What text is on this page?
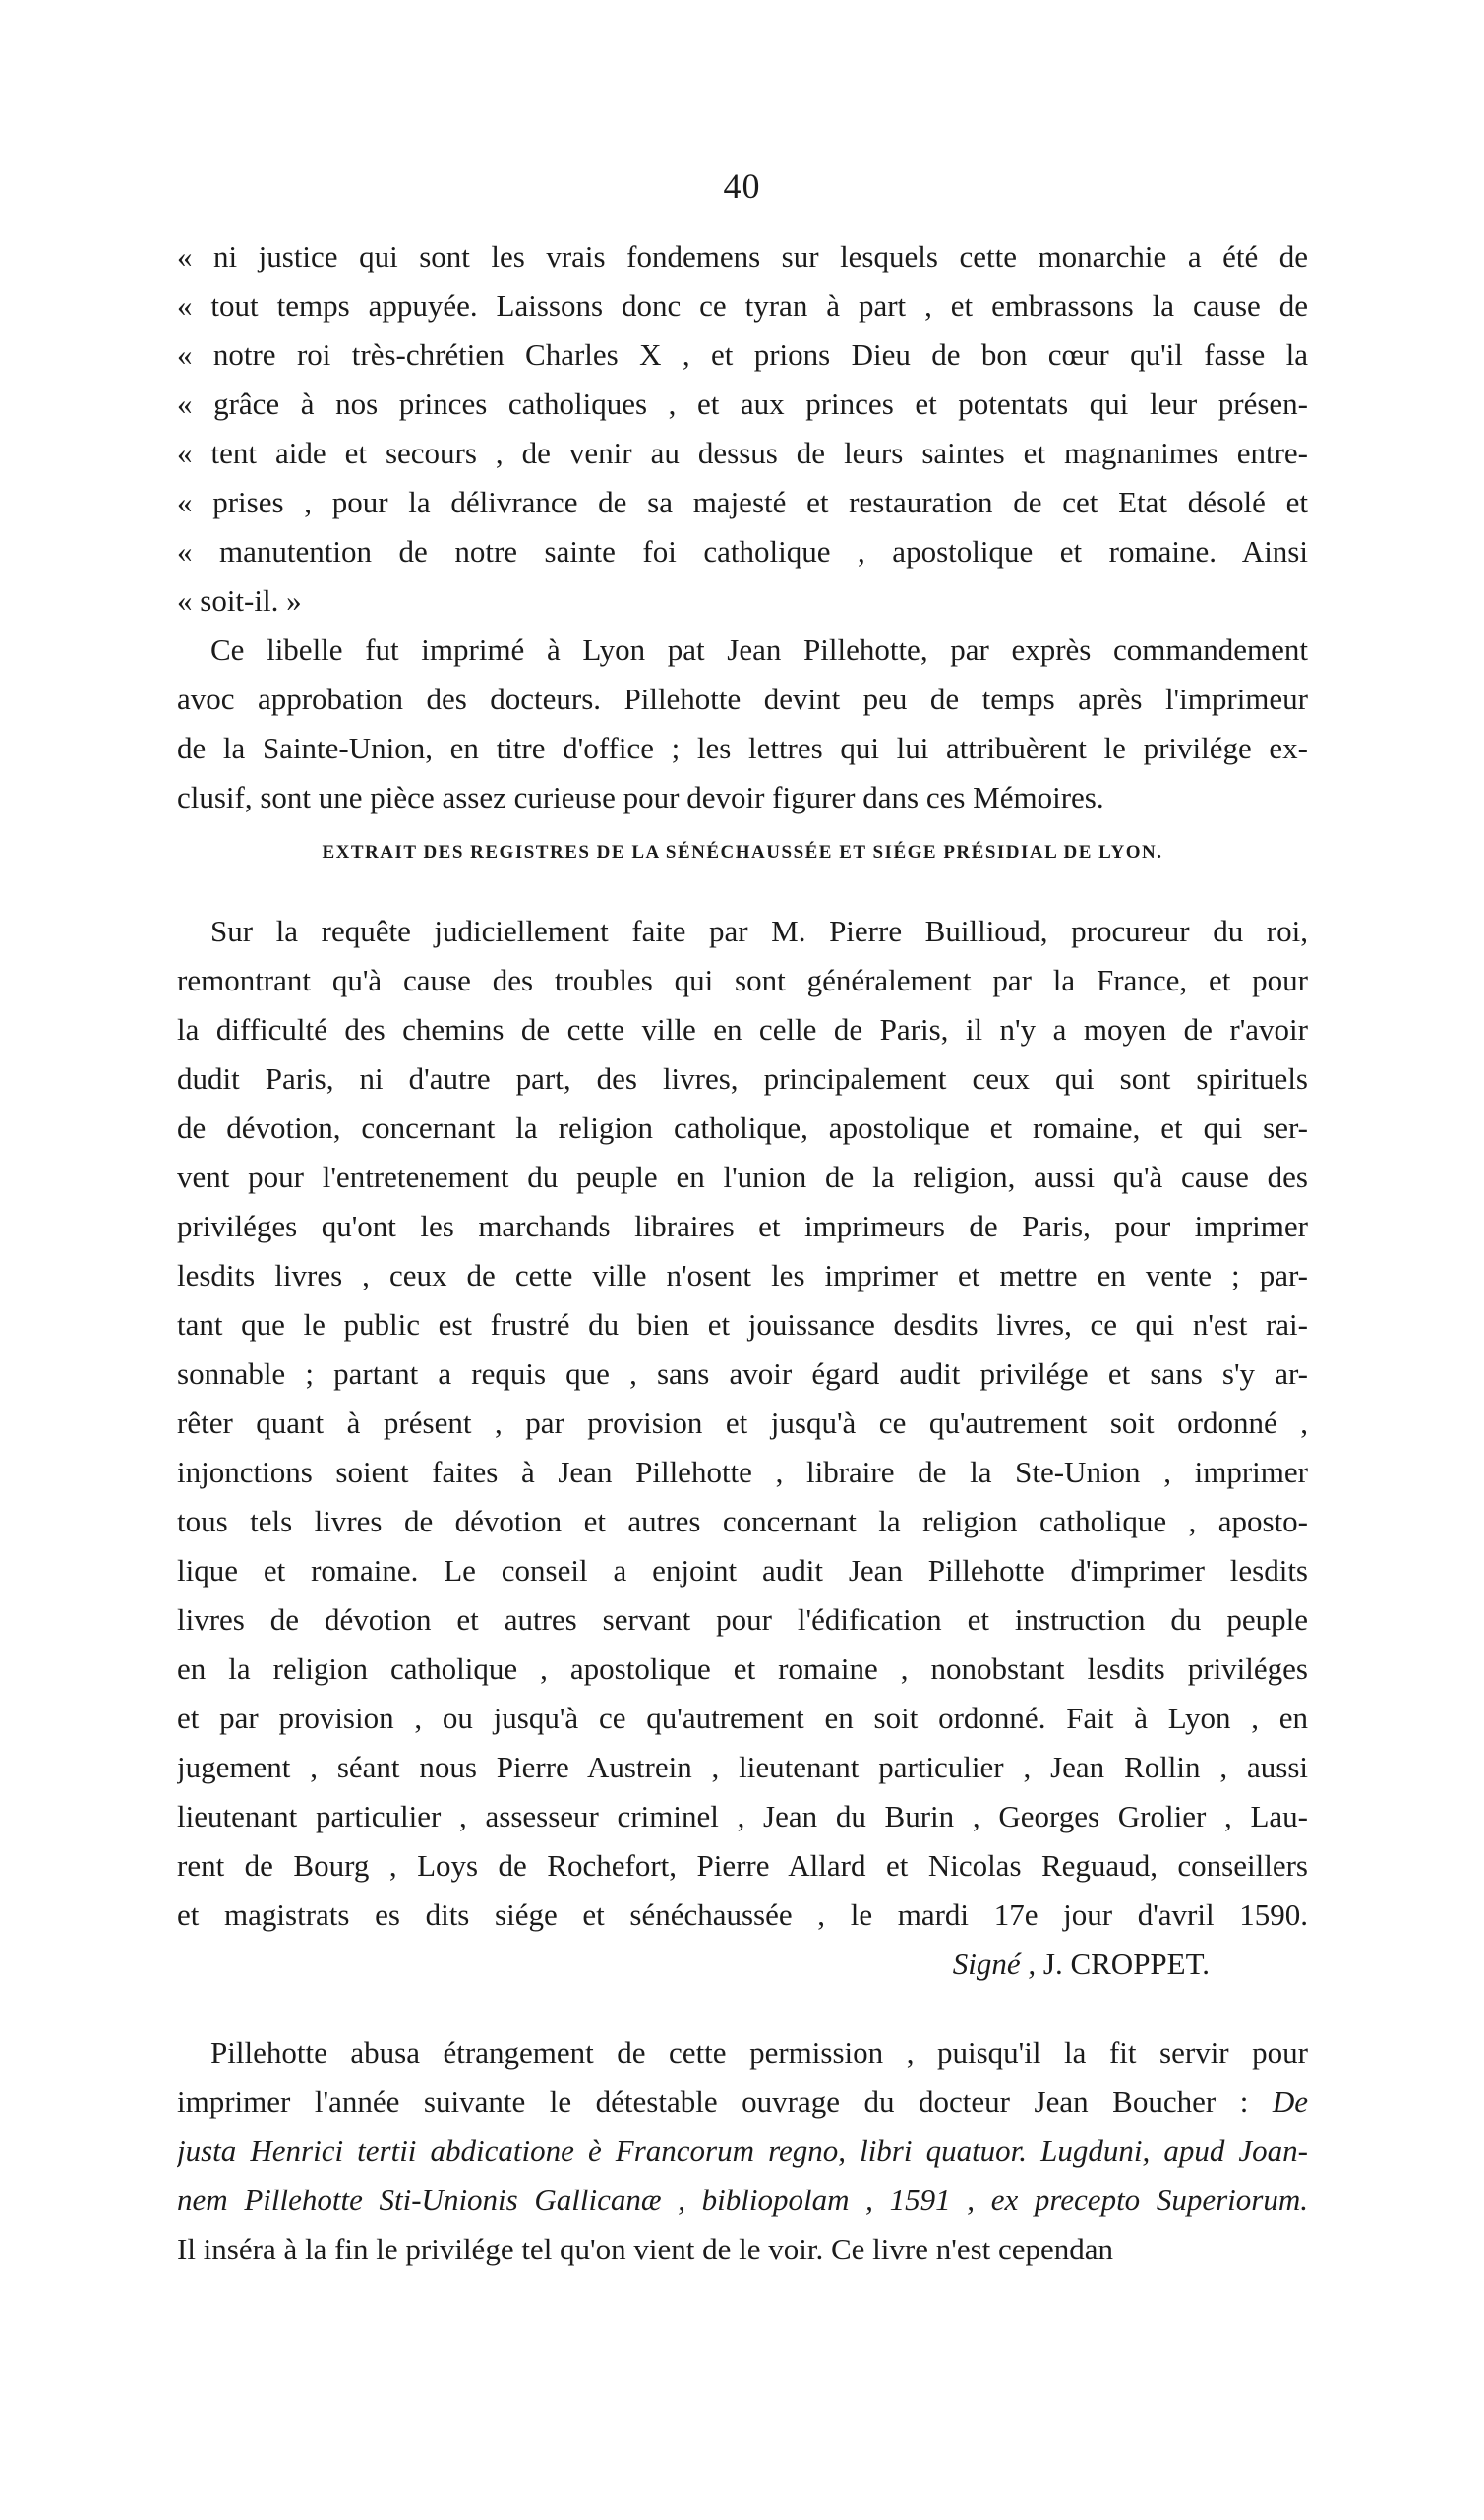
40
« ni justice qui sont les vrais fondemens sur lesquels cette monarchie a été de
« tout temps appuyée. Laissons donc ce tyran à part , et embrassons la cause de
« notre roi très-chrétien Charles X , et prions Dieu de bon cœur qu'il fasse la
« grâce à nos princes catholiques , et aux princes et potentats qui leur présen-
« tent aide et secours , de venir au dessus de leurs saintes et magnanimes entre-
« prises , pour la délivrance de sa majesté et restauration de cet Etat désolé et
« manutention de notre sainte foi catholique , apostolique et romaine. Ainsi
« soit-il. »
Ce libelle fut imprimé à Lyon pat Jean Pillehotte, par exprès commandement
avoc approbation des docteurs. Pillehotte devint peu de temps après l'imprimeur
de la Sainte-Union, en titre d'office ; les lettres qui lui attribuèrent le privilége ex-
clusif, sont une pièce assez curieuse pour devoir figurer dans ces Mémoires.
EXTRAIT DES REGISTRES DE LA SÉNÉCHAUSSÉE ET SIÉGE PRÉSIDIAL DE LYON.
Sur la requête judiciellement faite par M. Pierre Buillioud, procureur du roi,
remontrant qu'à cause des troubles qui sont généralement par la France, et pour
la difficulté des chemins de cette ville en celle de Paris, il n'y a moyen de r'avoir
dudit Paris, ni d'autre part, des livres, principalement ceux qui sont spirituels
de dévotion, concernant la religion catholique, apostolique et romaine, et qui ser-
vent pour l'entretenement du peuple en l'union de la religion, aussi qu'à cause des
priviléges qu'ont les marchands libraires et imprimeurs de Paris, pour imprimer
lesdits livres , ceux de cette ville n'osent les imprimer et mettre en vente ; par-
tant que le public est frustré du bien et jouissance desdits livres, ce qui n'est rai-
sonnable ; partant a requis que , sans avoir égard audit privilége et sans s'y ar-
rêter quant à présent , par provision et jusqu'à ce qu'autrement soit ordonné ,
injonctions soient faites à Jean Pillehotte , libraire de la Ste-Union , imprimer
tous tels livres de dévotion et autres concernant la religion catholique , aposto-
lique et romaine. Le conseil a enjoint audit Jean Pillehotte d'imprimer lesdits
livres de dévotion et autres servant pour l'édification et instruction du peuple
en la religion catholique , apostolique et romaine , nonobstant lesdits priviléges
et par provision , ou jusqu'à ce qu'autrement en soit ordonné. Fait à Lyon , en
jugement , séant nous Pierre Austrein , lieutenant particulier , Jean Rollin , aussi
lieutenant particulier , assesseur criminel , Jean du Burin , Georges Grolier , Lau-
rent de Bourg , Loys de Rochefort, Pierre Allard et Nicolas Reguaud, conseillers
et magistrats es dits siége et sénéchaussée , le mardi 17e jour d'avril 1590.
Signé , J. CROPPET.
Pillehotte abusa étrangement de cette permission , puisqu'il la fit servir pour
imprimer l'année suivante le détestable ouvrage du docteur Jean Boucher : De
justa Henrici tertii abdicatione è Francorum regno, libri quatuor. Lugduni, apud Joan-
nem Pillehotte Sti-Unionis Gallicanæ , bibliopolam , 1591 , ex precepto Superiorum.
Il inséra à la fin le privilége tel qu'on vient de le voir. Ce livre n'est cependan
